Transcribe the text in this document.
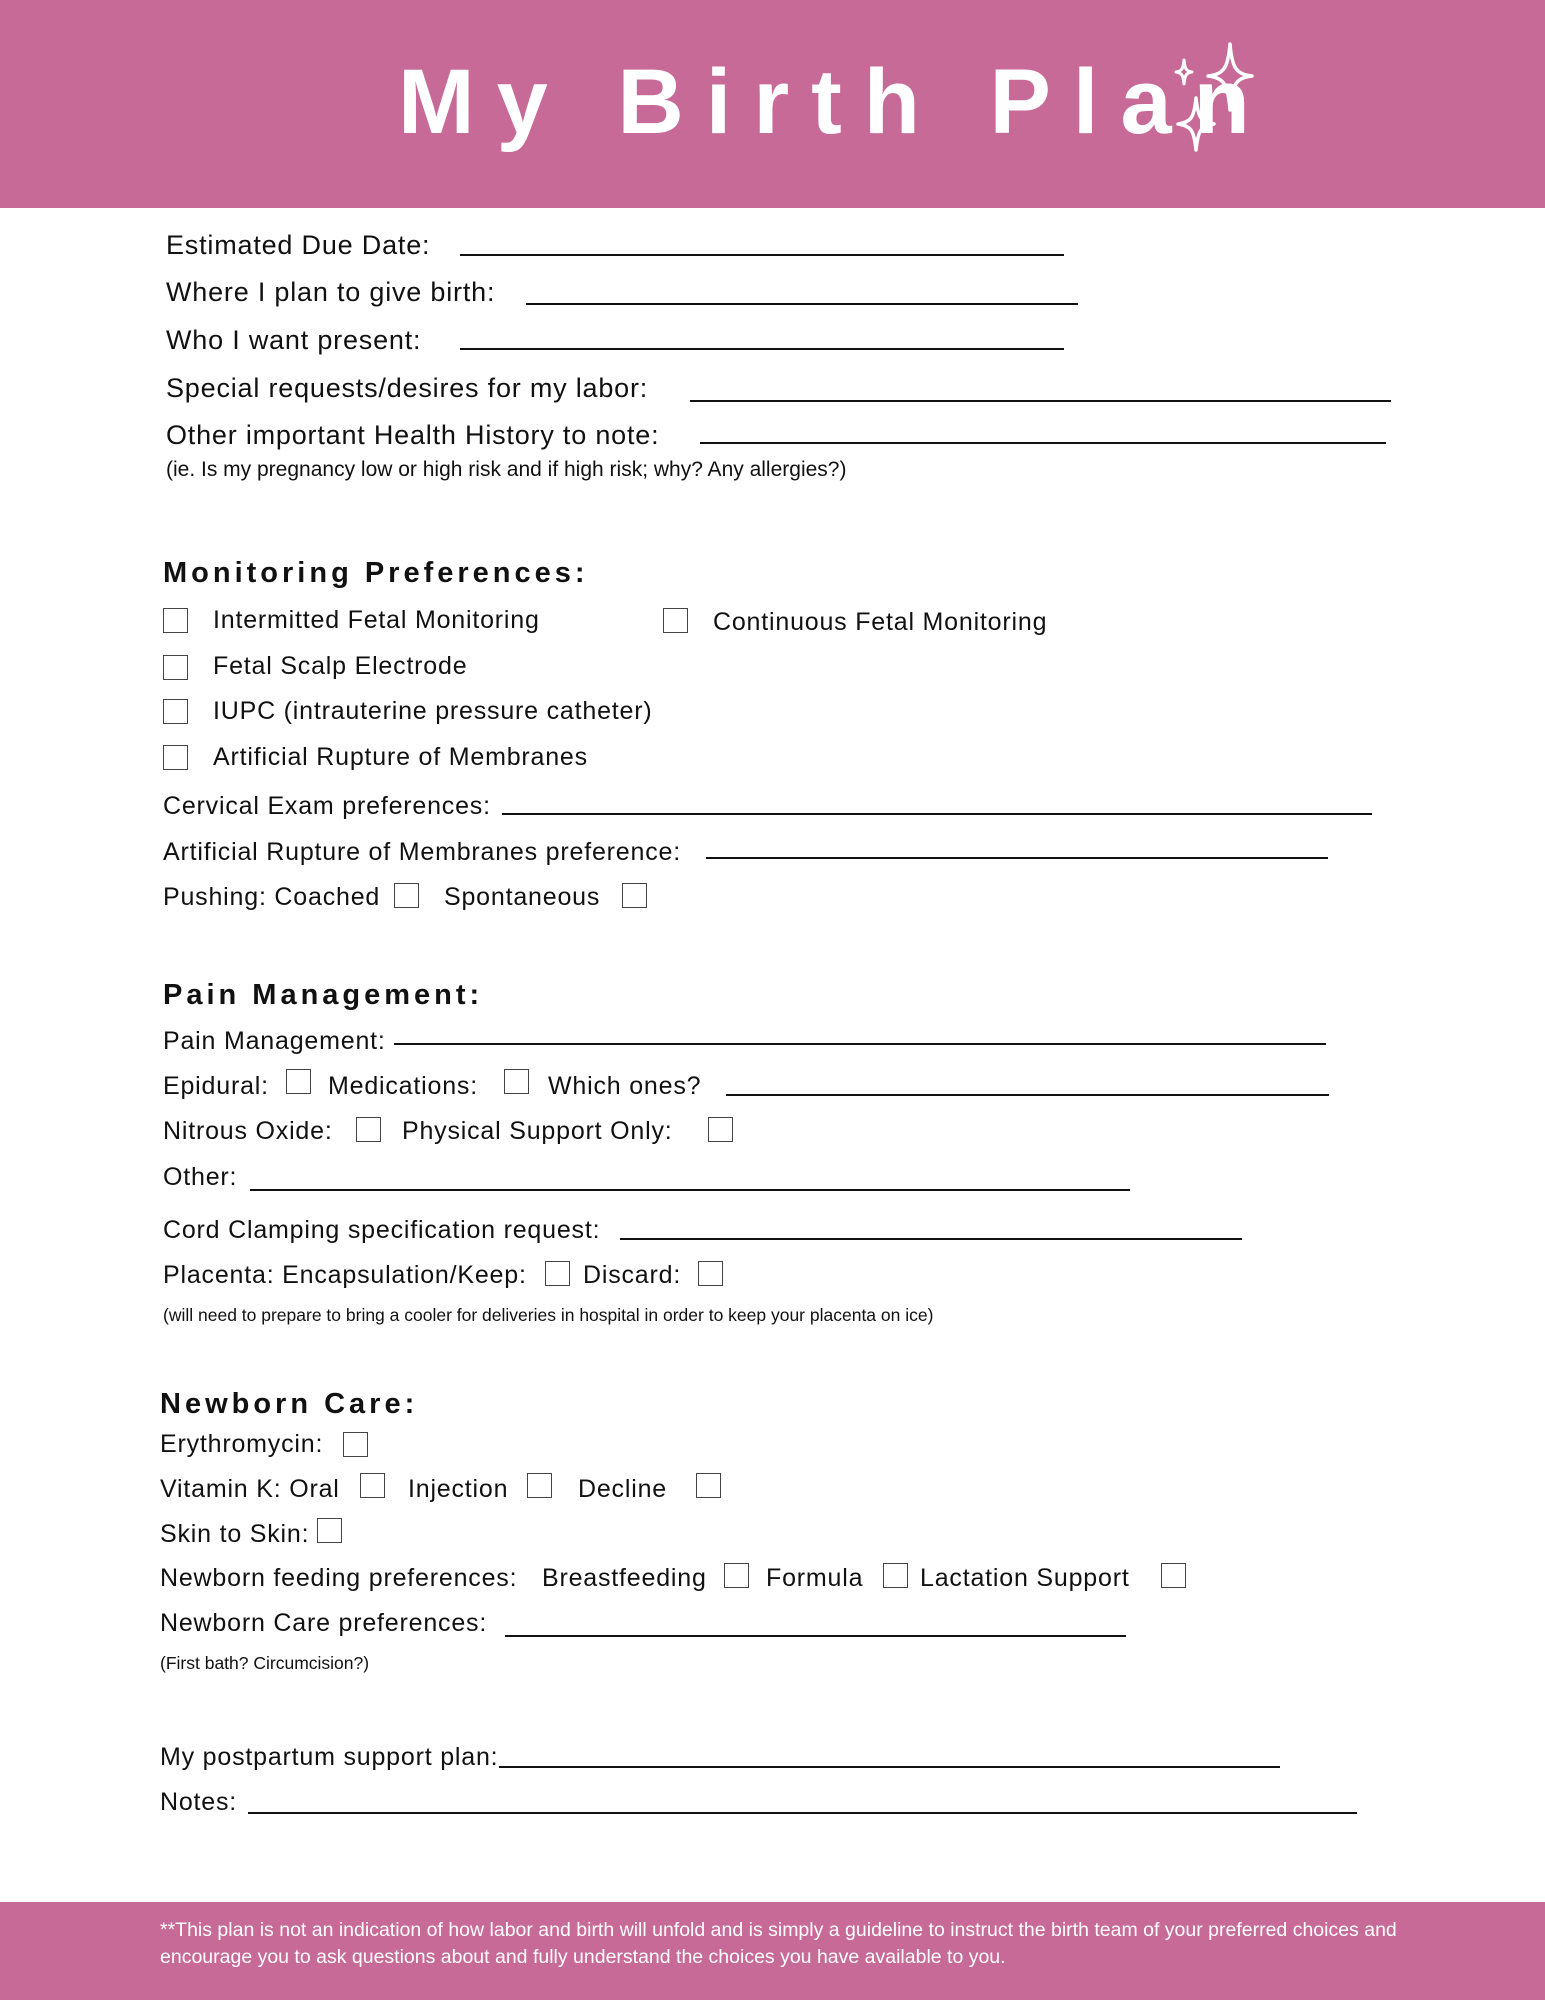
My Birth Plan
Estimated Due Date:
Where I plan to give birth:
Who I want present:
Special requests/desires for my labor:
Other important Health History to note:
(ie. Is my pregnancy low or high risk and if high risk; why? Any allergies?)
Monitoring Preferences:
Intermitted Fetal Monitoring	Continuous Fetal Monitoring
Fetal Scalp Electrode
IUPC (intrauterine pressure catheter)
Artificial Rupture of Membranes
Cervical Exam preferences:
Artificial Rupture of Membranes preference:
Pushing: Coached	Spontaneous
Pain Management:
Pain Management:
Epidural: Medications:	Which ones?
Nitrous Oxide:	Physical Support Only:
Other:
Cord Clamping specification request:
Placenta: Encapsulation/Keep: Discard:
(will need to prepare to bring a cooler for deliveries in hospital in order to keep your placenta on ice)
Newborn Care:
Erythromycin:
Vitamin K: Oral	Injection	Decline
Skin to Skin:
Newborn feeding preferences: Breastfeeding Formula Lactation Support
Newborn Care preferences:
(First bath? Circumcision?)
My postpartum support plan:
Notes:
**This plan is not an indication of how labor and birth will unfold and is simply a guideline to instruct the birth team of your preferred choices and encourage you to ask questions about and fully understand the choices you have available to you.
